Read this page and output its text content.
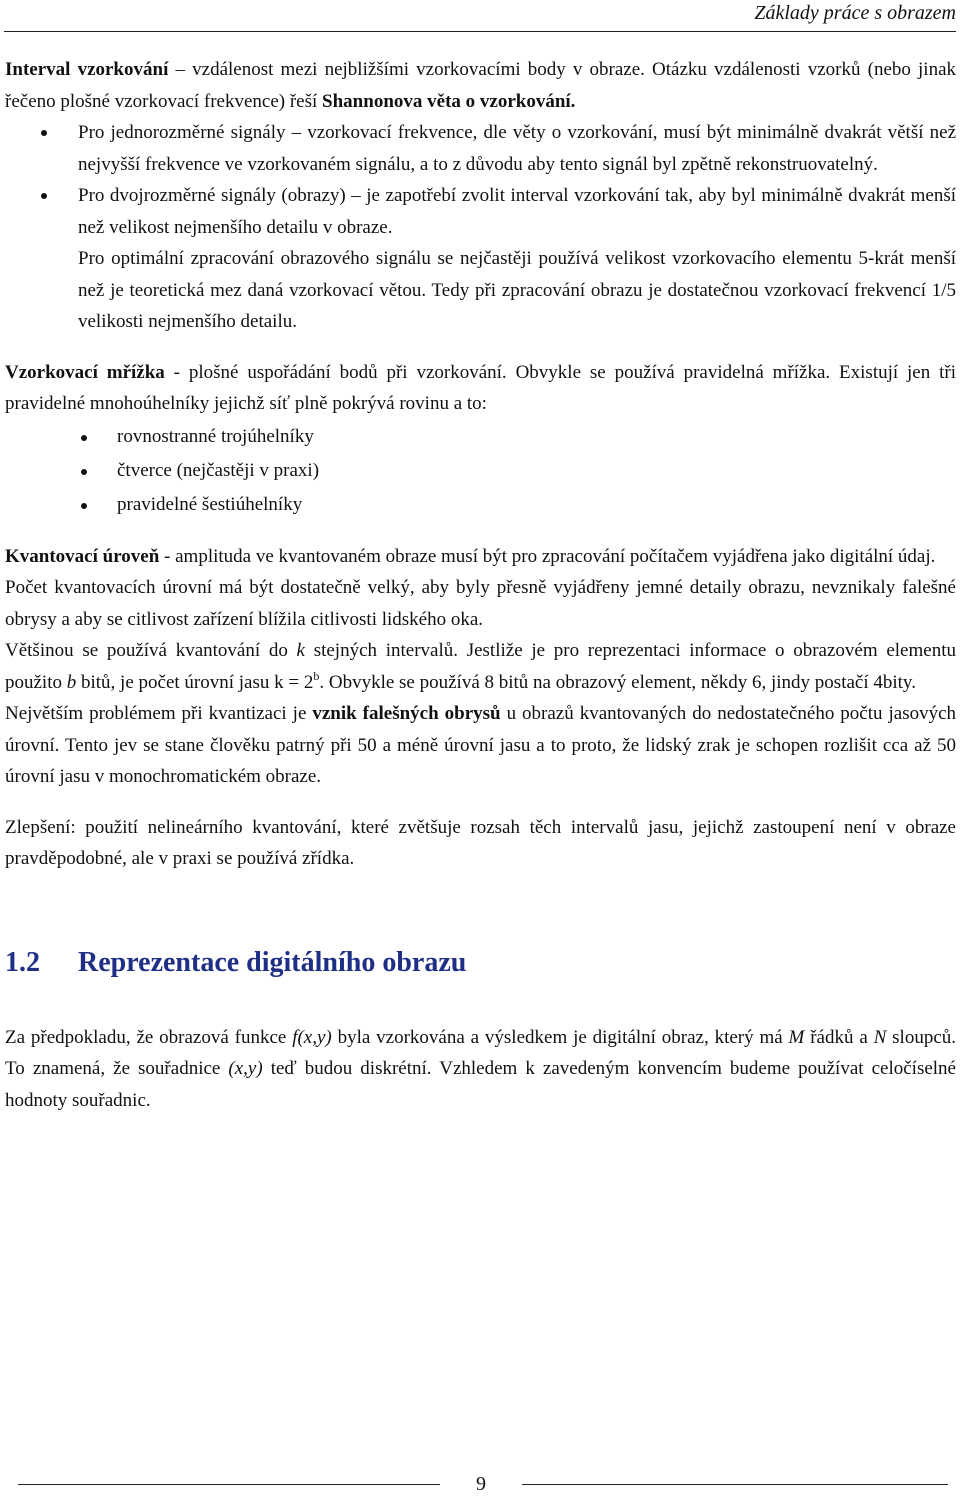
Základy práce s obrazem

Interval vzorkování – vzdálenost mezi nejbližšími vzorkovacími body v obraze. Otázku vzdálenosti vzorků (nebo jinak řečeno plošné vzorkovací frekvence) řeší Shannonova věta o vzorkování.

Pro jednorozměrné signály – vzorkovací frekvence, dle věty o vzorkování, musí být minimálně dvakrát větší než nejvyšší frekvence ve vzorkovaném signálu, a to z důvodu aby tento signál byl zpětně rekonstruovatelný.
Pro dvojrozměrné signály (obrazy) – je zapotřebí zvolit interval vzorkování tak, aby byl minimálně dvakrát menší než velikost nejmenšího detailu v obraze.

Pro optimální zpracování obrazového signálu se nejčastěji používá velikost vzorkovacího elementu 5-krát menší než je teoretická mez daná vzorkovací větou. Tedy při zpracování obrazu je dostatečnou vzorkovací frekvencí 1/5 velikosti nejmenšího detailu.

Vzorkovací mřížka - plošné uspořádání bodů při vzorkování. Obvykle se používá pravidelná mřížka. Existují jen tři pravidelné mnohoúhelníky jejichž síť plně pokrývá rovinu a to:

rovnostranné trojúhelníky
čtverce (nejčastěji v praxi)
pravidelné šestiúhelníky

Kvantovací úroveň - amplituda ve kvantovaném obraze musí být pro zpracování počítačem vyjádřena jako digitální údaj.

Počet kvantovacích úrovní má být dostatečně velký, aby byly přesně vyjádřeny jemné detaily obrazu, nevznikaly falešné obrysy a aby se citlivost zařízení blížila citlivosti lidského oka.

Většinou se používá kvantování do k stejných intervalů. Jestliže je pro reprezentaci informace o obrazovém elementu použito b bitů, je počet úrovní jasu $k = 2^b$. Obvykle se používá 8 bitů na obrazový element, někdy 6, jindy postačí 4bity.

Největším problémem při kvantizaci je vznik falešných obrysů u obrazů kvantovaných do nedostatečného počtu jasových úrovní. Tento jev se stane člověku patrný při 50 a méně úrovní jasu a to proto, že lidský zrak je schopen rozlišit cca až 50 úrovní jasu v monochromatickém obraze.

Zlepšení: použití nelineárního kvantování, které zvětšuje rozsah těch intervalů jasu, jejichž zastoupení není v obraze pravděpodobné, ale v praxi se používá zřídka.

1.2 Reprezentace digitálního obrazu

Za předpokladu, že obrazová funkce f(x,y) byla vzorkována a výsledkem je digitální obraz, který má M řádků a N sloupců. To znamená, že souřadnice (x,y) teď budou diskrétní. Vzhledem k zavedeným konvencím budeme používat celočíselné hodnoty souřadnic.

9
